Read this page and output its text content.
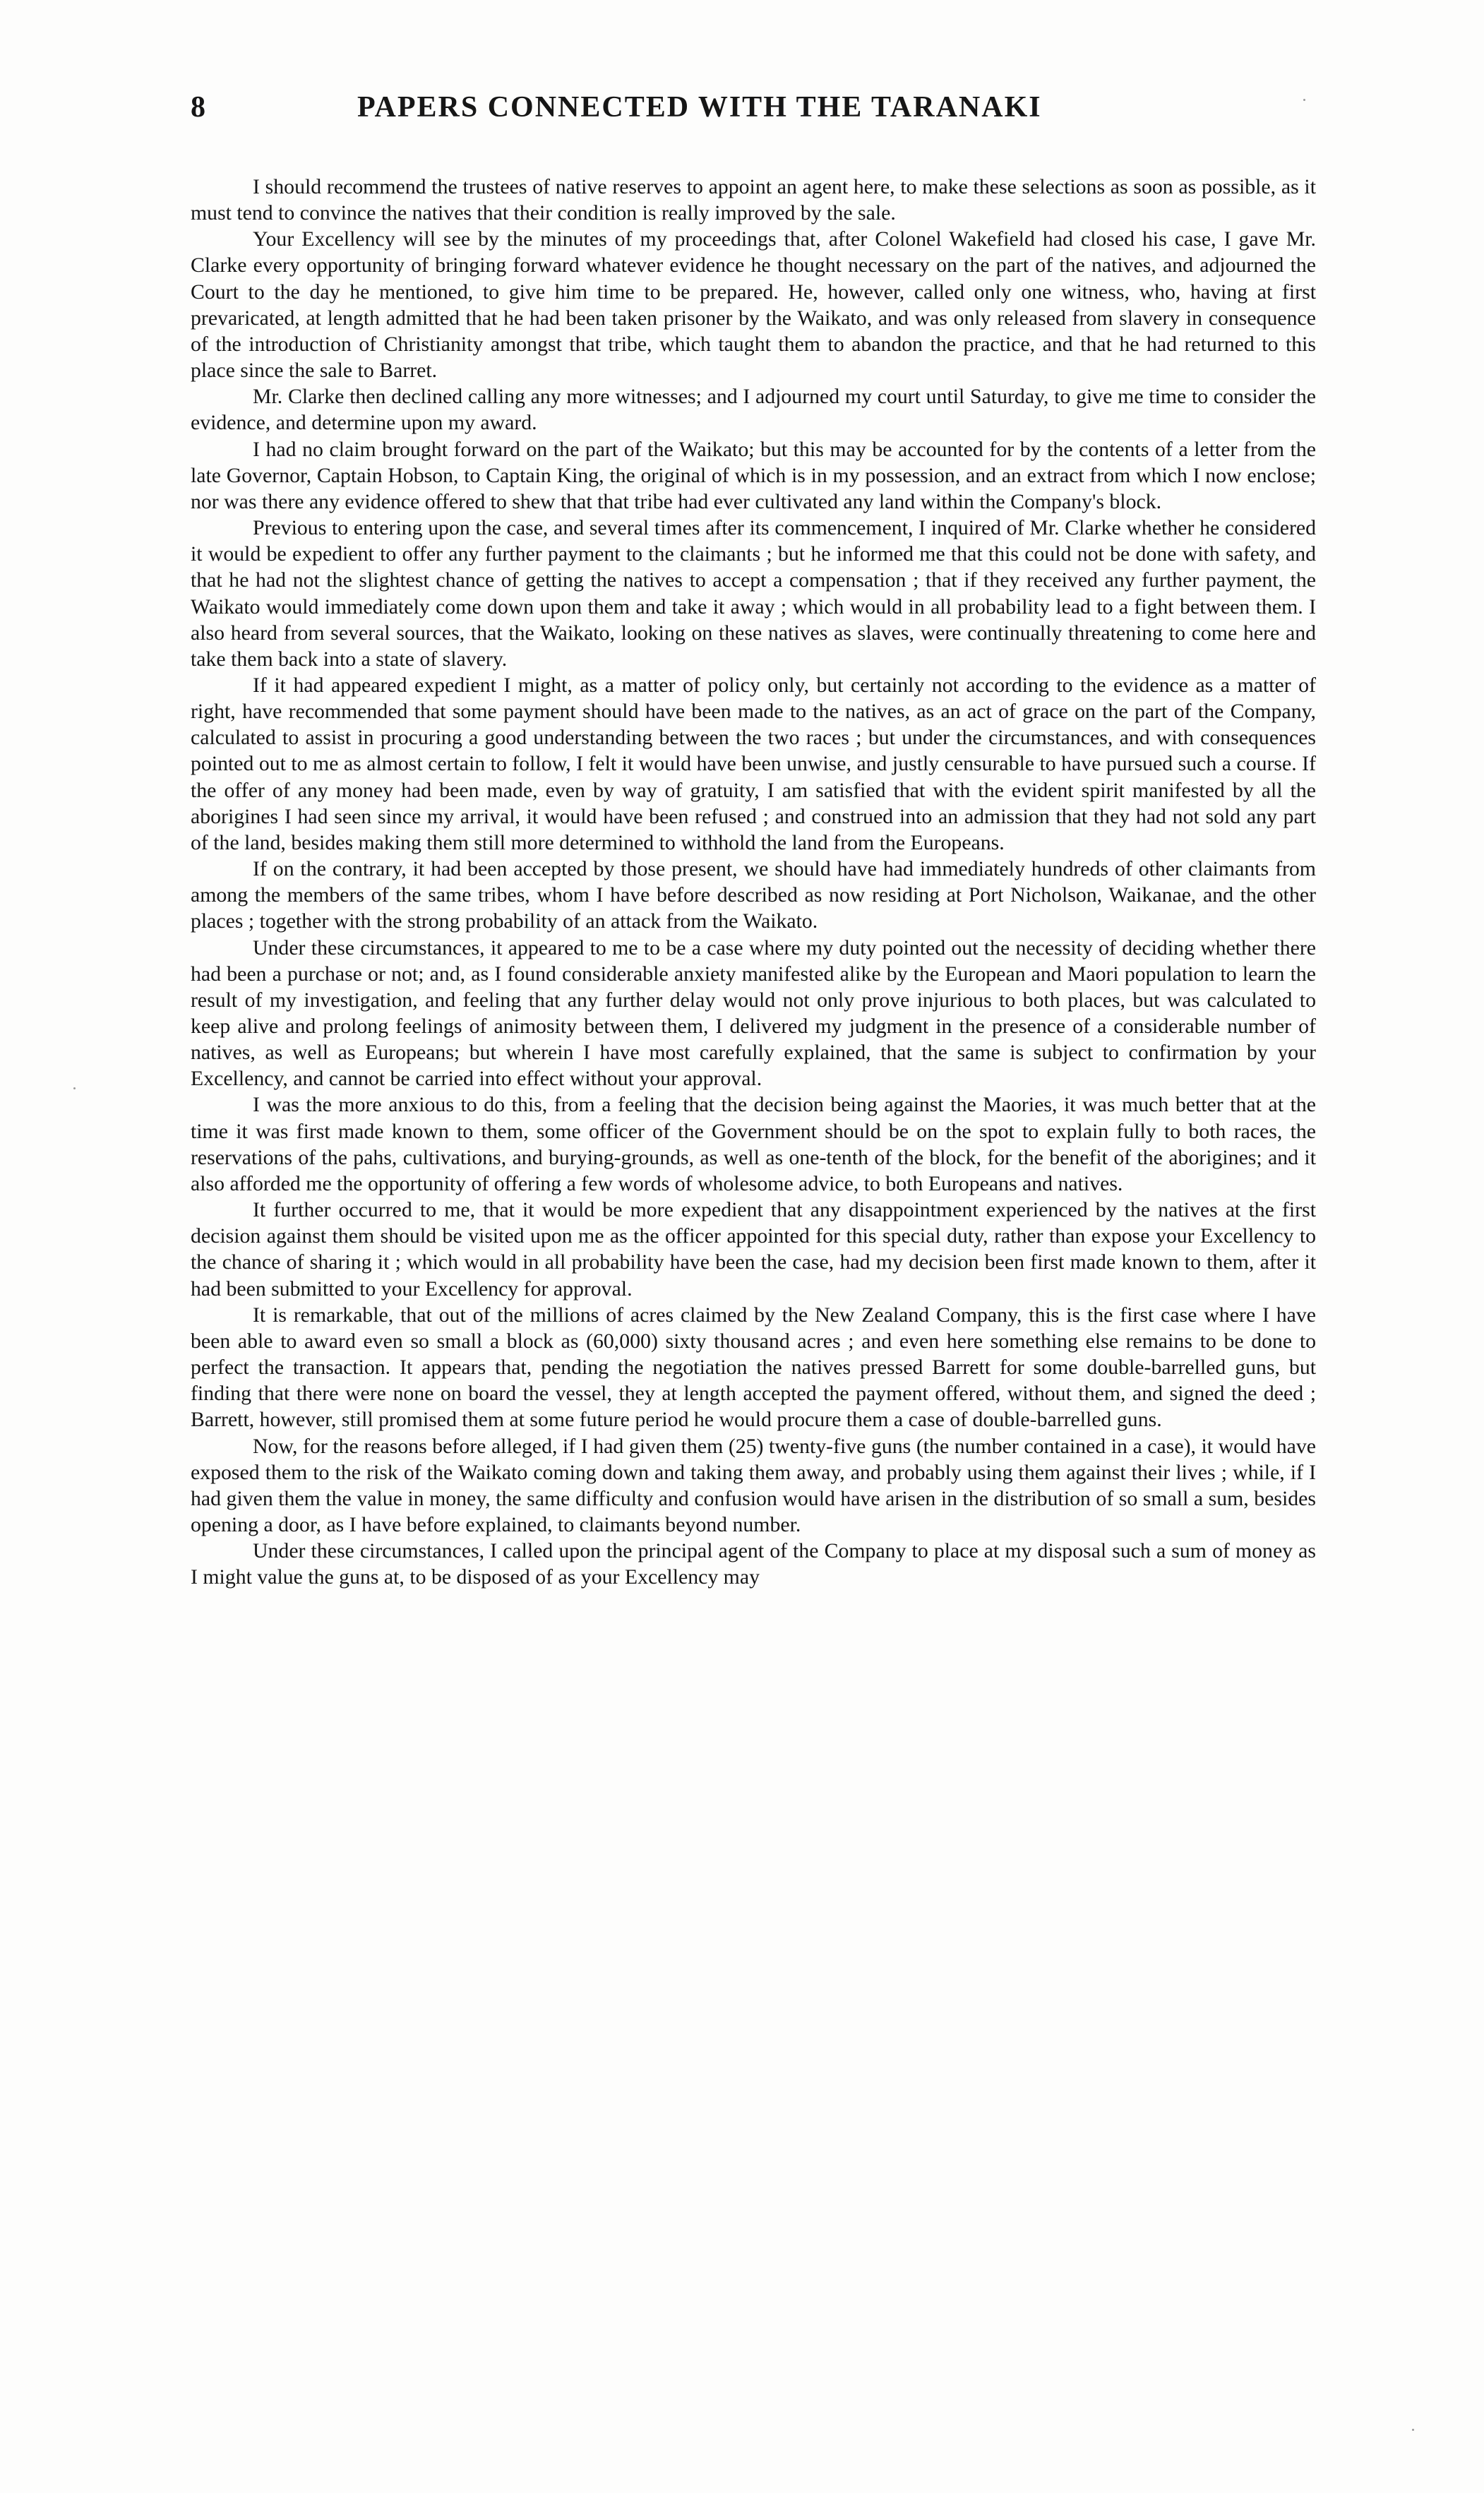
8	PAPERS CONNECTED WITH THE TARANAKI

I should recommend the trustees of native reserves to appoint an agent here, to make these selections as soon as possible, as it must tend to convince the natives that their condition is really improved by the sale.

Your Excellency will see by the minutes of my proceedings that, after Colonel Wakefield had closed his case, I gave Mr. Clarke every opportunity of bringing forward whatever evidence he thought necessary on the part of the natives, and adjourned the Court to the day he mentioned, to give him time to be prepared. He, however, called only one witness, who, having at first prevaricated, at length admitted that he had been taken prisoner by the Waikato, and was only released from slavery in consequence of the introduction of Christianity amongst that tribe, which taught them to abandon the practice, and that he had returned to this place since the sale to Barret.

Mr. Clarke then declined calling any more witnesses; and I adjourned my court until Saturday, to give me time to consider the evidence, and determine upon my award.

I had no claim brought forward on the part of the Waikato; but this may be accounted for by the contents of a letter from the late Governor, Captain Hobson, to Captain King, the original of which is in my possession, and an extract from which I now enclose; nor was there any evidence offered to shew that that tribe had ever cultivated any land within the Company's block.

Previous to entering upon the case, and several times after its commencement, I inquired of Mr. Clarke whether he considered it would be expedient to offer any further payment to the claimants ; but he informed me that this could not be done with safety, and that he had not the slightest chance of getting the natives to accept a compensation ; that if they received any further payment, the Waikato would immediately come down upon them and take it away ; which would in all probability lead to a fight between them. I also heard from several sources, that the Waikato, looking on these natives as slaves, were continually threatening to come here and take them back into a state of slavery.

If it had appeared expedient I might, as a matter of policy only, but certainly not according to the evidence as a matter of right, have recommended that some payment should have been made to the natives, as an act of grace on the part of the Company, calculated to assist in procuring a good understanding between the two races ; but under the circumstances, and with consequences pointed out to me as almost certain to follow, I felt it would have been unwise, and justly censurable to have pursued such a course. If the offer of any money had been made, even by way of gratuity, I am satisfied that with the evident spirit manifested by all the aborigines I had seen since my arrival, it would have been refused ; and construed into an admission that they had not sold any part of the land, besides making them still more determined to withhold the land from the Europeans.

If on the contrary, it had been accepted by those present, we should have had immediately hundreds of other claimants from among the members of the same tribes, whom I have before described as now residing at Port Nicholson, Waikanae, and the other places ; together with the strong probability of an attack from the Waikato.

Under these circumstances, it appeared to me to be a case where my duty pointed out the necessity of deciding whether there had been a purchase or not; and, as I found considerable anxiety manifested alike by the European and Maori population to learn the result of my investigation, and feeling that any further delay would not only prove injurious to both places, but was calculated to keep alive and prolong feelings of animosity between them, I delivered my judgment in the presence of a considerable number of natives, as well as Europeans; but wherein I have most carefully explained, that the same is subject to confirmation by your Excellency, and cannot be carried into effect without your approval.

I was the more anxious to do this, from a feeling that the decision being against the Maories, it was much better that at the time it was first made known to them, some officer of the Government should be on the spot to explain fully to both races, the reservations of the pahs, cultivations, and burying-grounds, as well as one-tenth of the block, for the benefit of the aborigines; and it also afforded me the opportunity of offering a few words of wholesome advice, to both Europeans and natives.

It further occurred to me, that it would be more expedient that any disappointment experienced by the natives at the first decision against them should be visited upon me as the officer appointed for this special duty, rather than expose your Excellency to the chance of sharing it ; which would in all probability have been the case, had my decision been first made known to them, after it had been submitted to your Excellency for approval.

It is remarkable, that out of the millions of acres claimed by the New Zealand Company, this is the first case where I have been able to award even so small a block as (60,000) sixty thousand acres ; and even here something else remains to be done to perfect the transaction. It appears that, pending the negotiation the natives pressed Barrett for some double-barrelled guns, but finding that there were none on board the vessel, they at length accepted the payment offered, without them, and signed the deed ; Barrett, however, still promised them at some future period he would procure them a case of double-barrelled guns.

Now, for the reasons before alleged, if I had given them (25) twenty-five guns (the number contained in a case), it would have exposed them to the risk of the Waikato coming down and taking them away, and probably using them against their lives ; while, if I had given them the value in money, the same difficulty and confusion would have arisen in the distribution of so small a sum, besides opening a door, as I have before explained, to claimants beyond number.

Under these circumstances, I called upon the principal agent of the Company to place at my disposal such a sum of money as I might value the guns at, to be disposed of as your Excellency may
